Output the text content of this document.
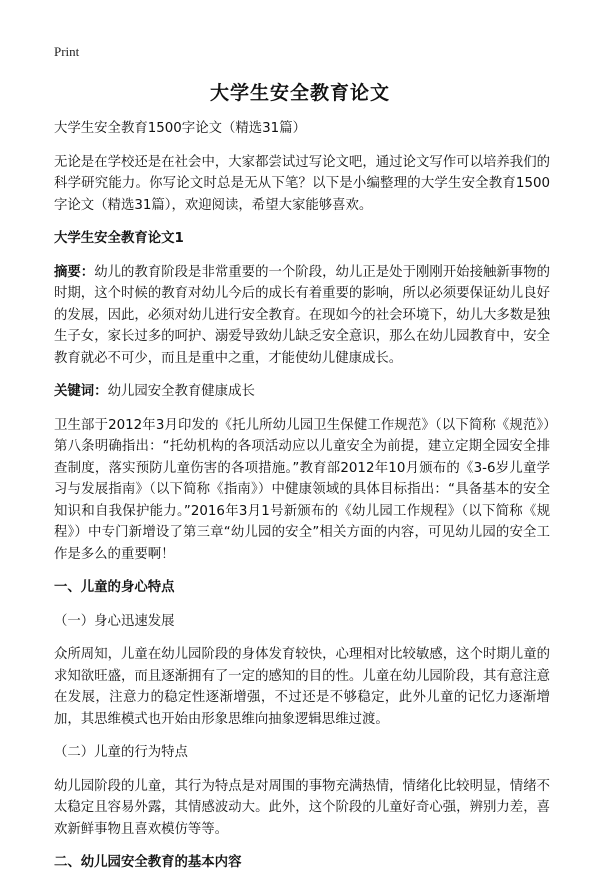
Print
大学生安全教育论文

大学生安全教育1500字论文（精选31篇）

无论是在学校还是在社会中，大家都尝试过写论文吧，通过论文写作可以培养我们的科学研究能力。你写论文时总是无从下笔？以下是小编整理的大学生安全教育1500字论文（精选31篇），欢迎阅读，希望大家能够喜欢。

大学生安全教育论文1

摘要：幼儿的教育阶段是非常重要的一个阶段，幼儿正是处于刚刚开始接触新事物的时期，这个时候的教育对幼儿今后的成长有着重要的影响，所以必须要保证幼儿良好的发展，因此，必须对幼儿进行安全教育。在现如今的社会环境下，幼儿大多数是独生子女，家长过多的呵护、溺爱导致幼儿缺乏安全意识，那么在幼儿园教育中，安全教育就必不可少，而且是重中之重，才能使幼儿健康成长。

关键词：幼儿园安全教育健康成长

卫生部于2012年3月印发的《托儿所幼儿园卫生保健工作规范》（以下简称《规范》）第八条明确指出：“托幼机构的各项活动应以儿童安全为前提，建立定期全园安全排查制度，落实预防儿童伤害的各项措施。”教育部2012年10月颁布的《3-6岁儿童学习与发展指南》（以下简称《指南》）中健康领域的具体目标指出：“具备基本的安全知识和自我保护能力。”2016年3月1号新颁布的《幼儿园工作规程》（以下简称《规程》）中专门新增设了第三章“幼儿园的安全”相关方面的内容，可见幼儿园的安全工作是多么的重要啊！

一、儿童的身心特点

（一）身心迅速发展

众所周知，儿童在幼儿园阶段的身体发育较快，心理相对比较敏感，这个时期儿童的求知欲旺盛，而且逐渐拥有了一定的感知的目的性。儿童在幼儿园阶段，其有意注意在发展，注意力的稳定性逐渐增强，不过还是不够稳定，此外儿童的记忆力逐渐增加，其思维模式也开始由形象思维向抽象逻辑思维过渡。

（二）儿童的行为特点

幼儿园阶段的儿童，其行为特点是对周围的事物充满热情，情绪化比较明显，情绪不太稳定且容易外露，其情感波动大。此外，这个阶段的儿童好奇心强，辨别力差，喜欢新鲜事物且喜欢模仿等等。

二、幼儿园安全教育的基本内容
